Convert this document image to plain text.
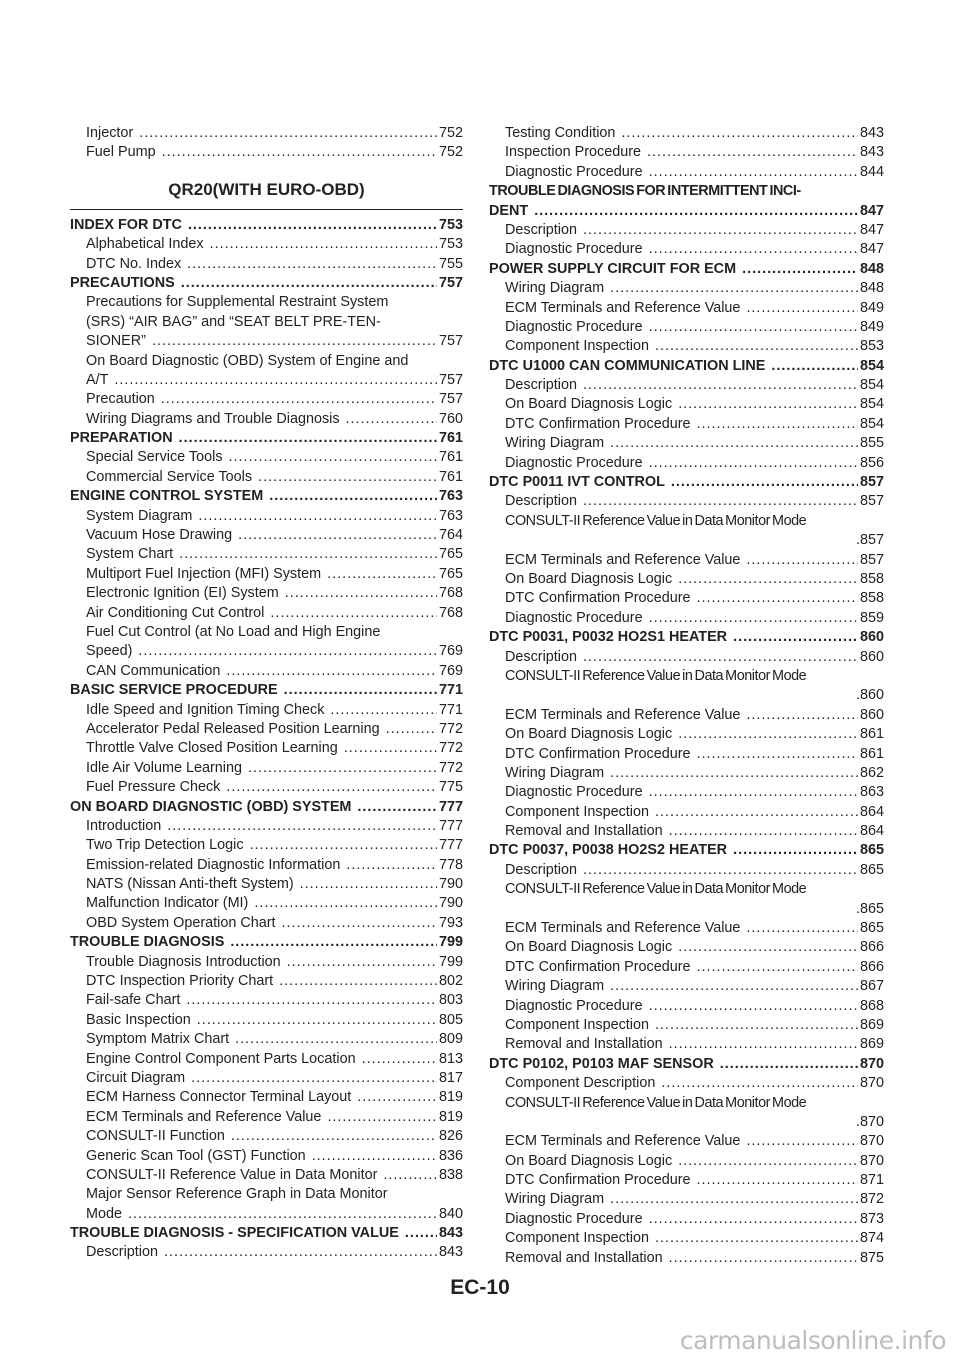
Injector .....	752
Fuel Pump .....	752
QR20(WITH EURO-OBD)
INDEX FOR DTC .....	753
Alphabetical Index .....	753
DTC No. Index .....	755
PRECAUTIONS .....	757
Precautions for Supplemental Restraint System
(SRS) “AIR BAG” and “SEAT BELT PRE-TEN-
SIONER” .....	757
On Board Diagnostic (OBD) System of Engine and
A/T .....	757
Precaution .....	757
Wiring Diagrams and Trouble Diagnosis .....	760
PREPARATION .....	761
Special Service Tools .....	761
Commercial Service Tools .....	761
ENGINE CONTROL SYSTEM .....	763
System Diagram .....	763
Vacuum Hose Drawing .....	764
System Chart .....	765
Multiport Fuel Injection (MFI) System .....	765
Electronic Ignition (EI) System .....	768
Air Conditioning Cut Control .....	768
Fuel Cut Control (at No Load and High Engine
Speed) .....	769
CAN Communication .....	769
BASIC SERVICE PROCEDURE .....	771
Idle Speed and Ignition Timing Check .....	771
Accelerator Pedal Released Position Learning .....	772
Throttle Valve Closed Position Learning .....	772
Idle Air Volume Learning .....	772
Fuel Pressure Check .....	775
ON BOARD DIAGNOSTIC (OBD) SYSTEM .....	777
Introduction .....	777
Two Trip Detection Logic .....	777
Emission-related Diagnostic Information .....	778
NATS (Nissan Anti-theft System) .....	790
Malfunction Indicator (MI) .....	790
OBD System Operation Chart .....	793
TROUBLE DIAGNOSIS .....	799
Trouble Diagnosis Introduction .....	799
DTC Inspection Priority Chart .....	802
Fail-safe Chart .....	803
Basic Inspection .....	805
Symptom Matrix Chart .....	809
Engine Control Component Parts Location .....	813
Circuit Diagram .....	817
ECM Harness Connector Terminal Layout .....	819
ECM Terminals and Reference Value .....	819
CONSULT-II Function .....	826
Generic Scan Tool (GST) Function .....	836
CONSULT-II Reference Value in Data Monitor .....	838
Major Sensor Reference Graph in Data Monitor
Mode .....	840
TROUBLE DIAGNOSIS - SPECIFICATION VALUE .....	843
Description .....	843
Testing Condition .....	843
Inspection Procedure .....	843
Diagnostic Procedure .....	844
TROUBLE DIAGNOSIS FOR INTERMITTENT INCI-
DENT .....	847
Description .....	847
Diagnostic Procedure .....	847
POWER SUPPLY CIRCUIT FOR ECM .....	848
Wiring Diagram .....	848
ECM Terminals and Reference Value .....	849
Diagnostic Procedure .....	849
Component Inspection .....	853
DTC U1000 CAN COMMUNICATION LINE .....	854
Description .....	854
On Board Diagnosis Logic .....	854
DTC Confirmation Procedure .....	854
Wiring Diagram .....	855
Diagnostic Procedure .....	856
DTC P0011 IVT CONTROL .....	857
Description .....	857
CONSULT-II Reference Value in Data Monitor Mode
.857
ECM Terminals and Reference Value .....	857
On Board Diagnosis Logic .....	858
DTC Confirmation Procedure .....	858
Diagnostic Procedure .....	859
DTC P0031, P0032 HO2S1 HEATER .....	860
Description .....	860
CONSULT-II Reference Value in Data Monitor Mode
.860
ECM Terminals and Reference Value .....	860
On Board Diagnosis Logic .....	861
DTC Confirmation Procedure .....	861
Wiring Diagram .....	862
Diagnostic Procedure .....	863
Component Inspection .....	864
Removal and Installation .....	864
DTC P0037, P0038 HO2S2 HEATER .....	865
Description .....	865
CONSULT-II Reference Value in Data Monitor Mode
.865
ECM Terminals and Reference Value .....	865
On Board Diagnosis Logic .....	866
DTC Confirmation Procedure .....	866
Wiring Diagram .....	867
Diagnostic Procedure .....	868
Component Inspection .....	869
Removal and Installation .....	869
DTC P0102, P0103 MAF SENSOR .....	870
Component Description .....	870
CONSULT-II Reference Value in Data Monitor Mode
.870
ECM Terminals and Reference Value .....	870
On Board Diagnosis Logic .....	870
DTC Confirmation Procedure .....	871
Wiring Diagram .....	872
Diagnostic Procedure .....	873
Component Inspection .....	874
Removal and Installation .....	875
EC-10
carmanualsonline.info
